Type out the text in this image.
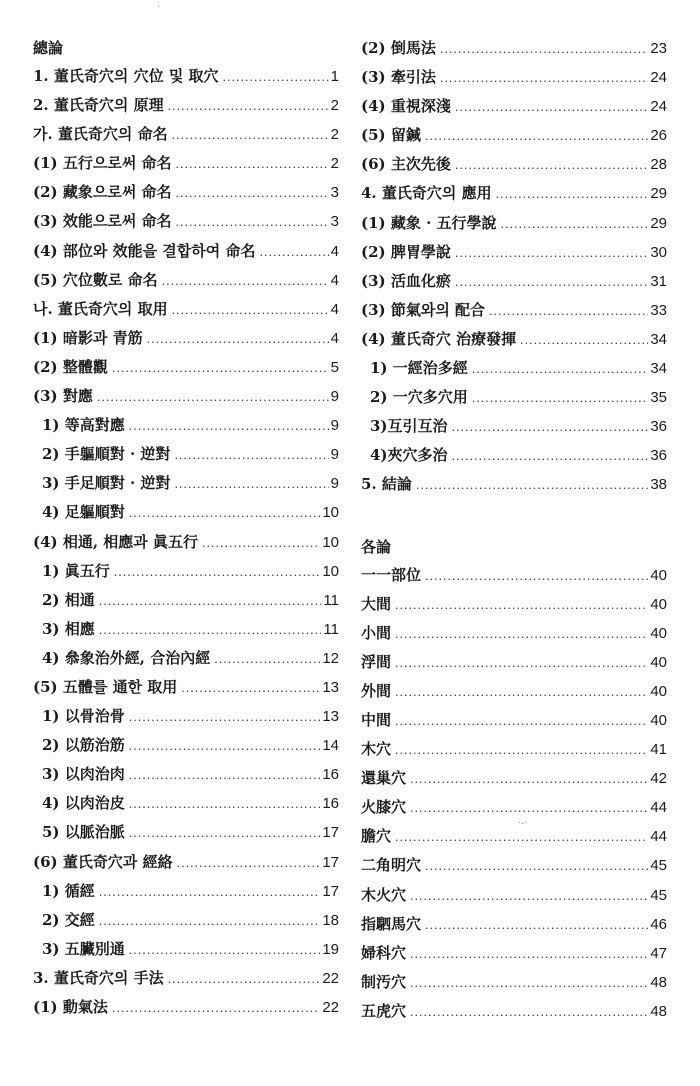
總論
1. 董氏奇穴의 穴位 및 取穴 .....	1
2. 董氏奇穴의 原理 .....	2
가. 董氏奇穴의 命名 .....	2
(1) 五行으로써 命名 .....	2
(2) 藏象으로써 命名 .....	3
(3) 效能으로써 命名 .....	3
(4) 部位와 效能을 결합하여 命名 .....	4
(5) 穴位數로 命名 .....	4
나. 董氏奇穴의 取用 .....	4
(1) 暗影과 青筋 .....	4
(2) 整體觀 .....	5
(3) 對應 .....	9
1) 等高對應 .....	9
2) 手軀順對 · 逆對 .....	9
3) 手足順對 · 逆對 .....	9
4) 足軀順對 .....	10
(4) 相通, 相應과 眞五行 .....	10
1) 眞五行 .....	10
2) 相通 .....	11
3) 相應 .....	11
4) 叅象治外經, 合治內經 .....	12
(5) 五體를 通한 取用 .....	13
1) 以骨治骨 .....	13
2) 以筋治筋 .....	14
3) 以肉治肉 .....	16
4) 以肉治皮 .....	16
5) 以脈治脈 .....	17
(6) 董氏奇穴과 經絡 .....	17
1) 循經 .....	17
2) 交經 .....	18
3) 五臟別通 .....	19
3. 董氏奇穴의 手法 .....	22
(1) 動氣法 .....	22
(2) 倒馬法 .....	23
(3) 牽引法 .....	24
(4) 重視深淺 .....	24
(5) 留鍼 .....	26
(6) 主次先後 .....	28
4. 董氏奇穴의 應用 .....	29
(1) 藏象 · 五行學說 .....	29
(2) 脾胃學說 .....	30
(3) 活血化瘀 .....	31
(3) 節氣와의 配合 .....	33
(4) 董氏奇穴 治療發揮 .....	34
1) 一經治多經 .....	34
2) 一穴多穴用 .....	35
3)互引互治 .....	36
4)夾穴多治 .....	36
5. 結論 .....	38
各論
一一部位 .....	40
大間 .....	40
小間 .....	40
浮間 .....	40
外間 .....	40
中間 .....	40
木穴 .....	41
還巢穴 .....	42
火膝穴 .....	44
膽穴 .....	44
二角明穴 .....	45
木火穴 .....	45
指駟馬穴 .....	46
婦科穴 .....	47
制汚穴 .....	48
五虎穴 .....	48
·
·-·
